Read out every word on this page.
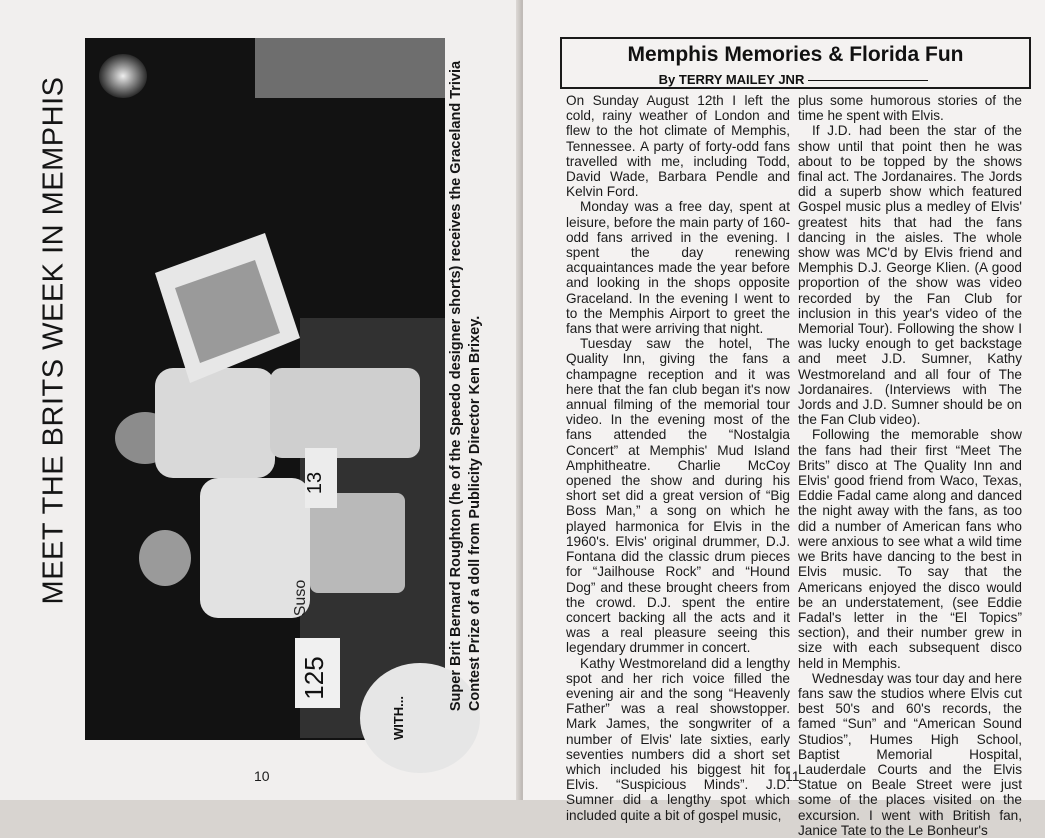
MEET THE BRITS WEEK IN MEMPHIS	13
125
Suso
WITH...
Super Brit Bernard Roughton (he of the Speedo designer shorts) receives the Graceland Trivia Contest Prize of a doll from Publicity Director Ken Brixey.
10
Memphis Memories & Florida Fun
By TERRY MAILEY JNR

On Sunday August 12th I left the cold, rainy weather of London and flew to the hot climate of Memphis, Tennessee. A party of forty-odd fans travelled with me, including Todd, David Wade, Barbara Pendle and Kelvin Ford.

Monday was a free day, spent at leisure, before the main party of 160-odd fans arrived in the evening. I spent the day renewing acquaintances made the year before and looking in the shops opposite Graceland. In the evening I went to to the Memphis Airport to greet the fans that were arriving that night.

Tuesday saw the hotel, The Quality Inn, giving the fans a champagne reception and it was here that the fan club began it's now annual filming of the memorial tour video. In the evening most of the fans attended the “Nostalgia Concert” at Memphis' Mud Island Amphitheatre. Charlie McCoy opened the show and during his short set did a great version of “Big Boss Man,” a song on which he played harmonica for Elvis in the 1960's. Elvis' original drummer, D.J. Fontana did the classic drum pieces for “Jailhouse Rock” and “Hound Dog” and these brought cheers from the crowd. D.J. spent the entire concert backing all the acts and it was a real pleasure seeing this legendary drummer in concert.

Kathy Westmoreland did a lengthy spot and her rich voice filled the evening air and the song “Heavenly Father” was a real showstopper. Mark James, the songwriter of a number of Elvis' late sixties, early seventies numbers did a short set which included his biggest hit for Elvis. “Suspicious Minds”. J.D. Sumner did a lengthy spot which included quite a bit of gospel music,

plus some humorous stories of the time he spent with Elvis.

If J.D. had been the star of the show until that point then he was about to be topped by the shows final act. The Jordanaires. The Jords did a superb show which featured Gospel music plus a medley of Elvis' greatest hits that had the fans dancing in the aisles. The whole show was MC'd by Elvis friend and Memphis D.J. George Klien. (A good proportion of the show was video recorded by the Fan Club for inclusion in this year's video of the Memorial Tour). Following the show I was lucky enough to get backstage and meet J.D. Sumner, Kathy Westmoreland and all four of The Jordanaires. (Interviews with The Jords and J.D. Sumner should be on the Fan Club video).

Following the memorable show the fans had their first “Meet The Brits” disco at The Quality Inn and Elvis' good friend from Waco, Texas, Eddie Fadal came along and danced the night away with the fans, as too did a number of American fans who were anxious to see what a wild time we Brits have dancing to the best in Elvis music. To say that the Americans enjoyed the disco would be an understatement, (see Eddie Fadal's letter in the “El Topics” section), and their number grew in size with each subsequent disco held in Memphis.

Wednesday was tour day and here fans saw the studios where Elvis cut best 50's and 60's records, the famed “Sun” and “American Sound Studios”, Humes High School, Baptist Memorial Hospital, Lauderdale Courts and the Elvis Statue on Beale Street were just some of the places visited on the excursion. I went with British fan, Janice Tate to the Le Bonheur's

11
